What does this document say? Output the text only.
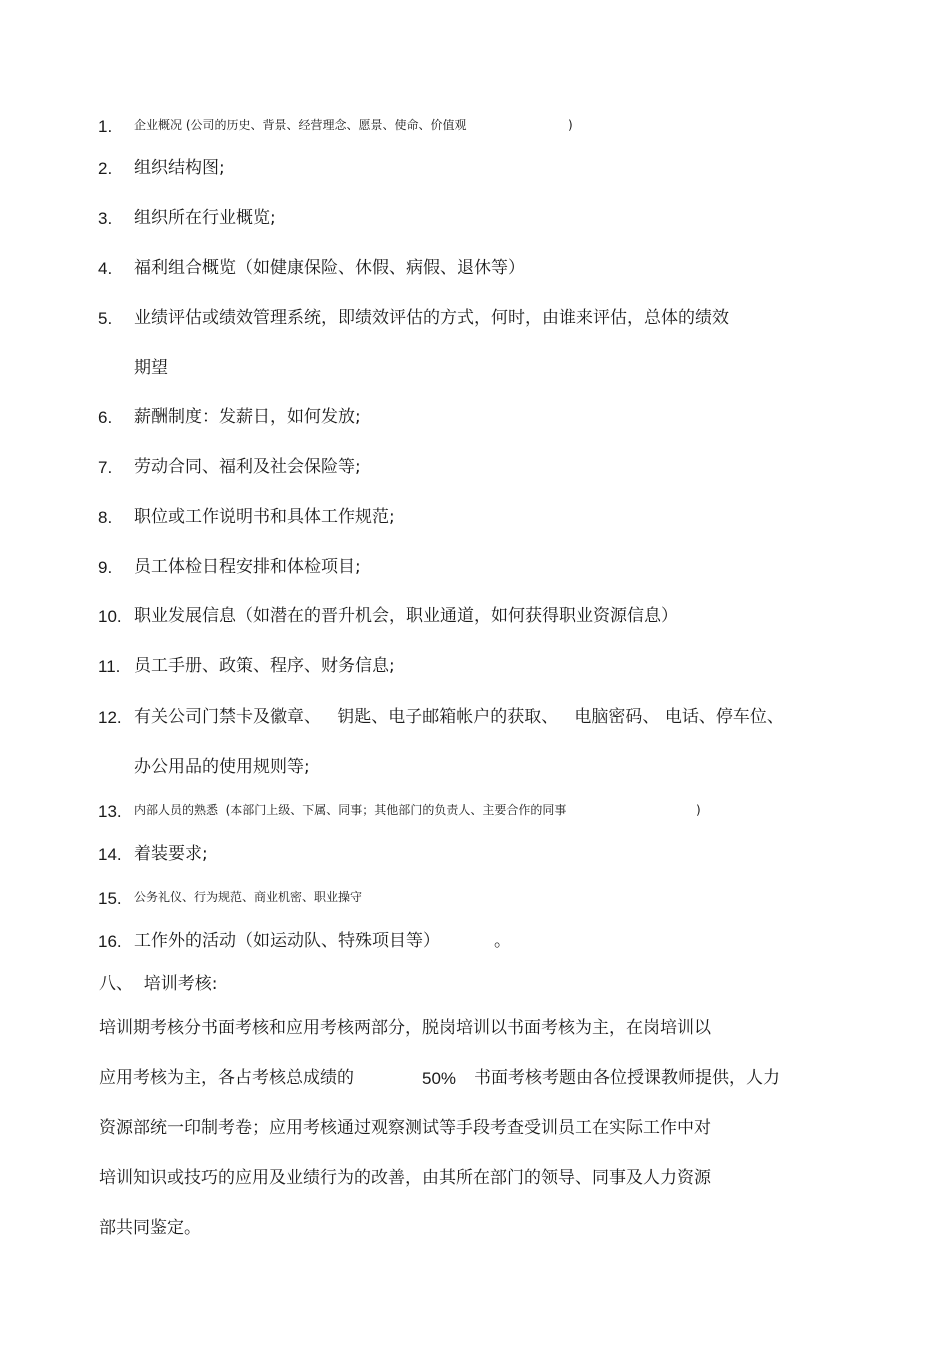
1. 企业概况 (公司的历史、背景、经营理念、愿景、使命、价值观	)
2. 组织结构图;
3. 组织所在行业概览;
4. 福利组合概览（如健康保险、休假、病假、退休等）
5. 业绩评估或绩效管理系统，即绩效评估的方式，何时，由谁来评估，总体的绩效
期望
6. 薪酬制度：发薪日，如何发放;
7. 劳动合同、福利及社会保险等;
8. 职位或工作说明书和具体工作规范;
9. 员工体检日程安排和体检项目;
10. 职业发展信息（如潜在的晋升机会，职业通道，如何获得职业资源信息）
11. 员工手册、政策、程序、财务信息;
12. 有关公司门禁卡及徽章、   钥匙、电子邮箱帐户的获取、   电脑密码、 电话、停车位、
办公用品的使用规则等;
13. 内部人员的熟悉  (本部门上级、下属、同事；其他部门的负责人、主要合作的同事	)
14. 着装要求;
15. 公务礼仪、行为规范、商业机密、职业操守
16. 工作外的活动（如运动队、特殊项目等）	。
八、  培训考核:
培训期考核分书面考核和应用考核两部分，脱岗培训以书面考核为主，在岗培训以
应用考核为主，各占考核总成绩的	50% 书面考核考题由各位授课教师提供，人力
资源部统一印制考卷；应用考核通过观察测试等手段考查受训员工在实际工作中对
培训知识或技巧的应用及业绩行为的改善，由其所在部门的领导、同事及人力资源
部共同鉴定。
